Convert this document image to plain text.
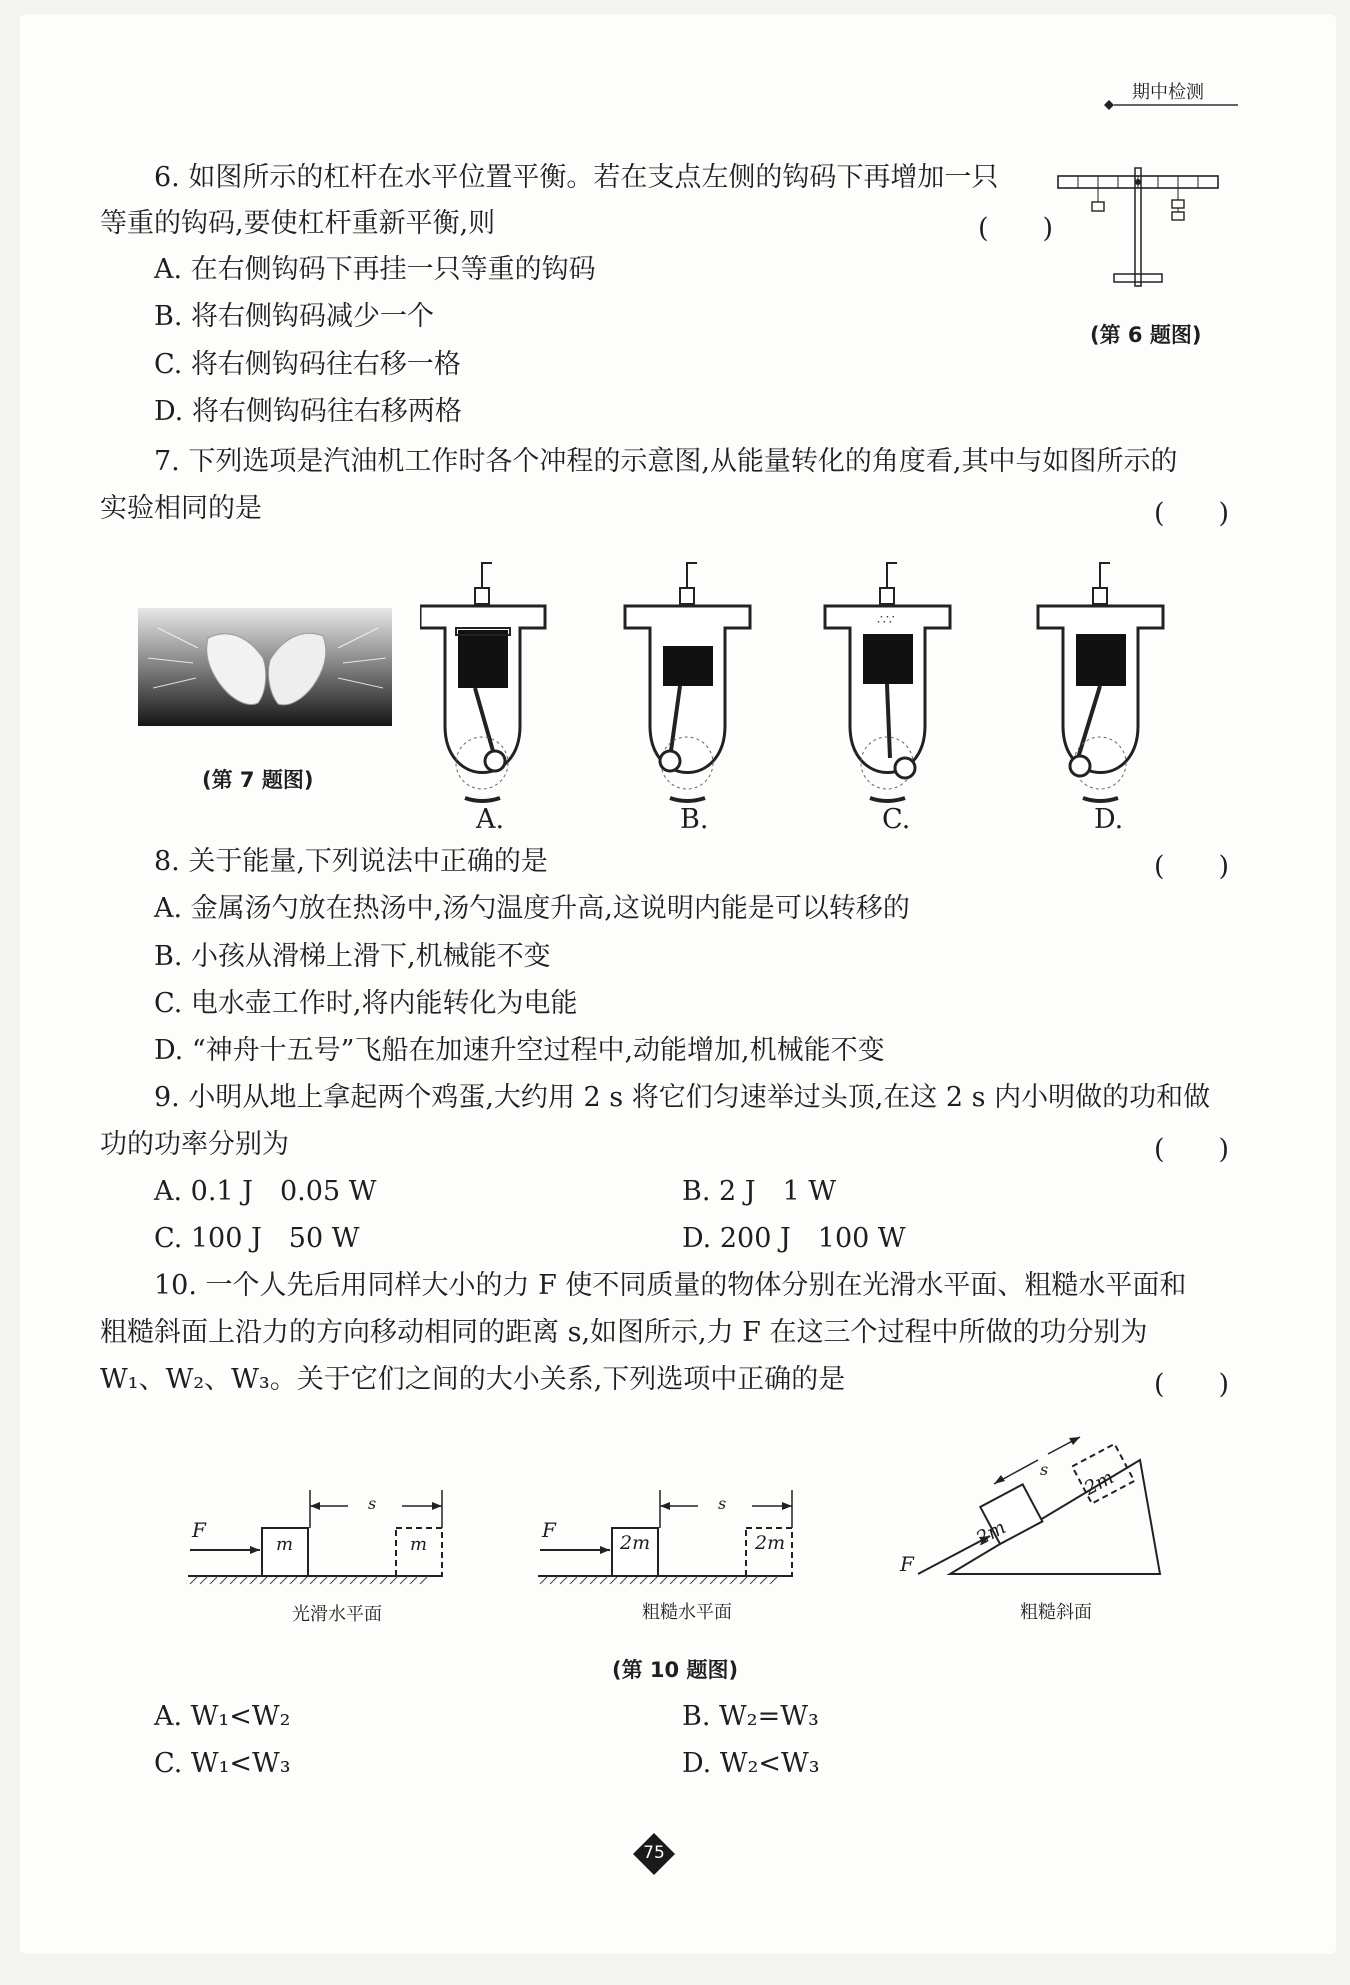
期中检测
6. 如图所示的杠杆在水平位置平衡。若在支点左侧的钩码下再增加一只
等重的钩码,要使杠杆重新平衡,则	(　　)
A. 在右侧钩码下再挂一只等重的钩码
B. 将右侧钩码减少一个
C. 将右侧钩码往右移一格
D. 将右侧钩码往右移两格
(第 6 题图)
7. 下列选项是汽油机工作时各个冲程的示意图,从能量转化的角度看,其中与如图所示的
实验相同的是	(　　)
(第 7 题图)
∴∵
A.	B.	C.	D.
8. 关于能量,下列说法中正确的是	(　　)
A. 金属汤勺放在热汤中,汤勺温度升高,这说明内能是可以转移的
B. 小孩从滑梯上滑下,机械能不变
C. 电水壶工作时,将内能转化为电能
D. “神舟十五号”飞船在加速升空过程中,动能增加,机械能不变
9. 小明从地上拿起两个鸡蛋,大约用 2 s 将它们匀速举过头顶,在这 2 s 内小明做的功和做
功的功率分别为	(　　)
A. 0.1 J　0.05 W	B. 2 J　1 W
C. 100 J　50 W	D. 200 J　100 W
10. 一个人先后用同样大小的力 F 使不同质量的物体分别在光滑水平面、粗糙水平面和
粗糙斜面上沿力的方向移动相同的距离 s,如图所示,力 F 在这三个过程中所做的功分别为
W₁、W₂、W₃。关于它们之间的大小关系,下列选项中正确的是	(　　)
F
m	m
s
F
2m	2m
s
F
2m
2m
s
光滑水平面	粗糙水平面	粗糙斜面
(第 10 题图)
A. W₁<W₂	B. W₂=W₃
C. W₁<W₃	D. W₂<W₃
75
